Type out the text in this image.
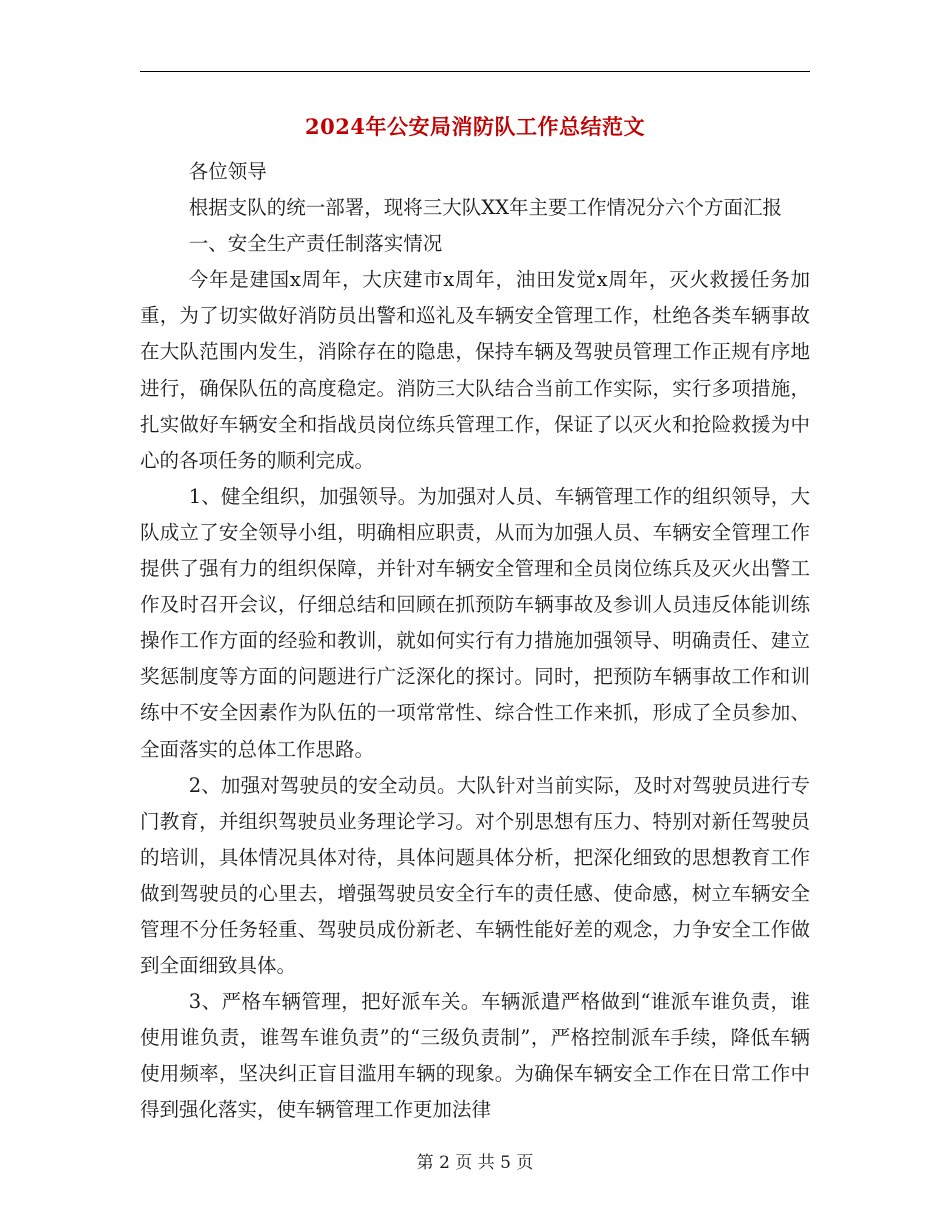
2024年公安局消防队工作总结范文

各位领导

根据支队的统一部署，现将三大队XX年主要工作情况分六个方面汇报

一、安全生产责任制落实情况

今年是建国x周年，大庆建市x周年，油田发觉x周年，灭火救援任务加重，为了切实做好消防员出警和巡礼及车辆安全管理工作，杜绝各类车辆事故在大队范围内发生，消除存在的隐患，保持车辆及驾驶员管理工作正规有序地进行，确保队伍的高度稳定。消防三大队结合当前工作实际，实行多项措施，扎实做好车辆安全和指战员岗位练兵管理工作，保证了以灭火和抢险救援为中心的各项任务的顺利完成。

1、健全组织，加强领导。为加强对人员、车辆管理工作的组织领导，大队成立了安全领导小组，明确相应职责，从而为加强人员、车辆安全管理工作提供了强有力的组织保障，并针对车辆安全管理和全员岗位练兵及灭火出警工作及时召开会议，仔细总结和回顾在抓预防车辆事故及参训人员违反体能训练操作工作方面的经验和教训，就如何实行有力措施加强领导、明确责任、建立奖惩制度等方面的问题进行广泛深化的探讨。同时，把预防车辆事故工作和训练中不安全因素作为队伍的一项常常性、综合性工作来抓，形成了全员参加、全面落实的总体工作思路。

2、加强对驾驶员的安全动员。大队针对当前实际，及时对驾驶员进行专门教育，并组织驾驶员业务理论学习。对个别思想有压力、特别对新任驾驶员的培训，具体情况具体对待，具体问题具体分析，把深化细致的思想教育工作做到驾驶员的心里去，增强驾驶员安全行车的责任感、使命感，树立车辆安全管理不分任务轻重、驾驶员成份新老、车辆性能好差的观念，力争安全工作做到全面细致具体。

3、严格车辆管理，把好派车关。车辆派遣严格做到“谁派车谁负责，谁使用谁负责，谁驾车谁负责”的“三级负责制”，严格控制派车手续，降低车辆使用频率，坚决纠正盲目滥用车辆的现象。为确保车辆安全工作在日常工作中得到强化落实，使车辆管理工作更加法律

第 2 页 共 5 页
